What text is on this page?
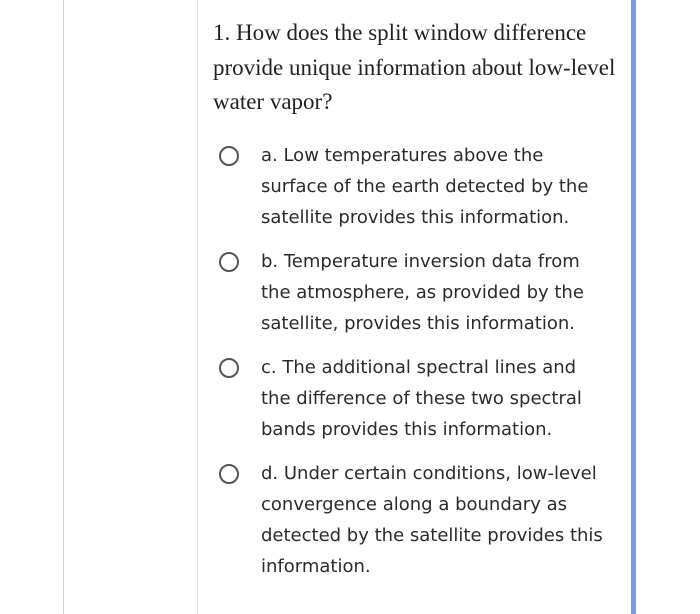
1. How does the split window difference provide unique information about low-level water vapor?

a. Low temperatures above the surface of the earth detected by the satellite provides this information.
b. Temperature inversion data from the atmosphere, as provided by the satellite, provides this information.
c. The additional spectral lines and the difference of these two spectral bands provides this information.
d. Under certain conditions, low-level convergence along a boundary as detected by the satellite provides this information.
